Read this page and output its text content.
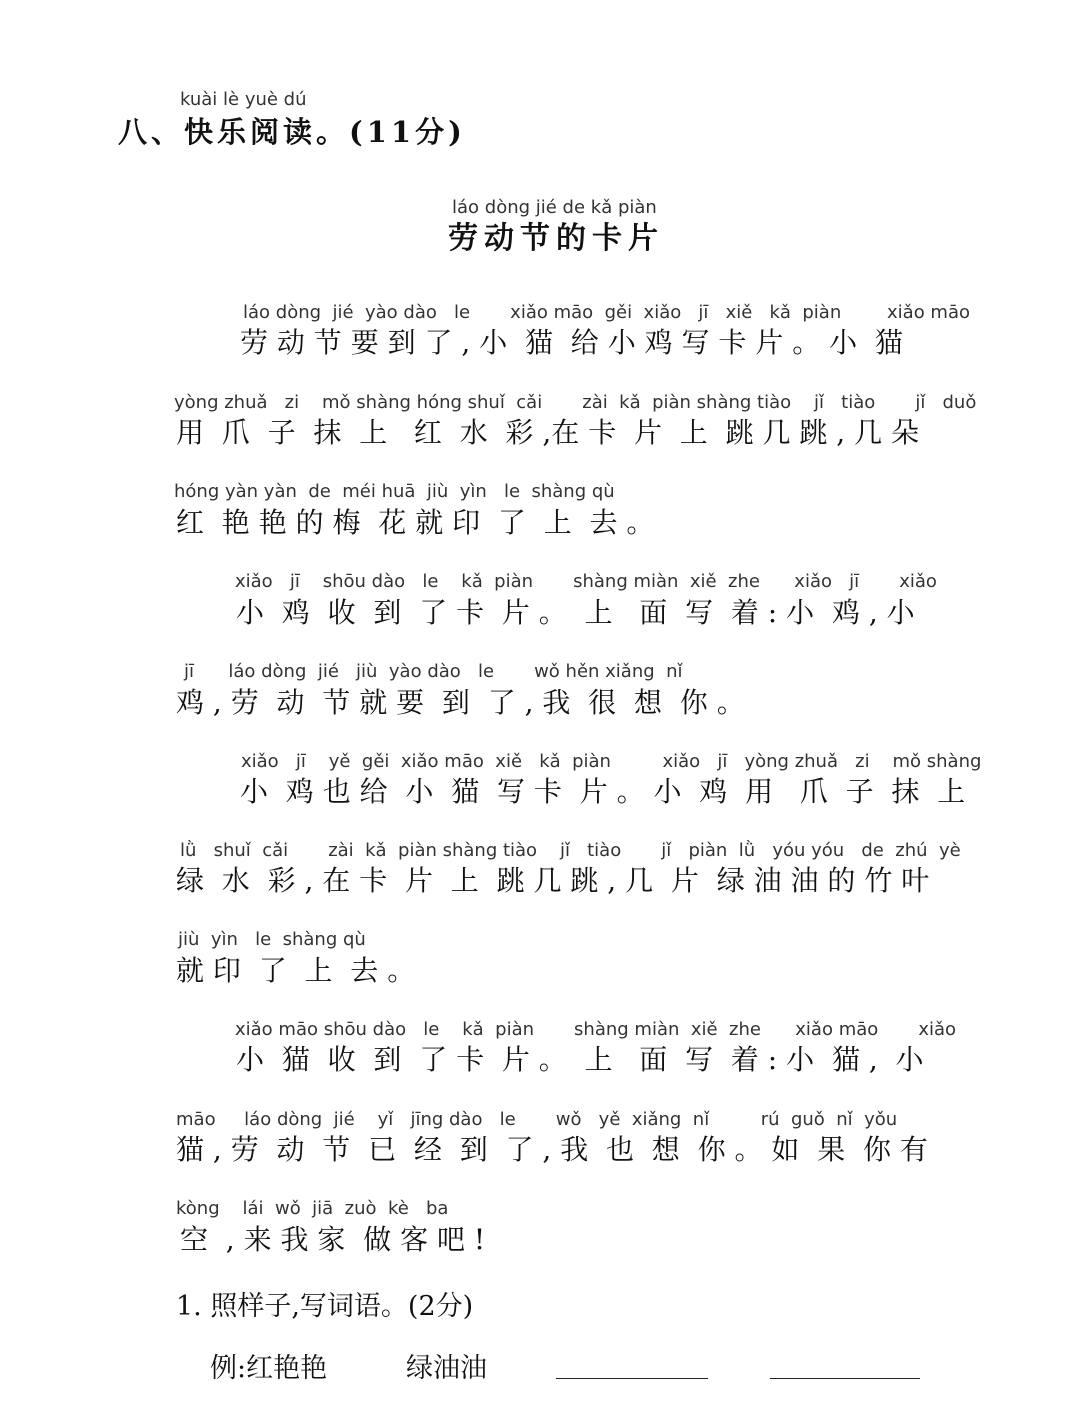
kuài lè yuè dú
八、快乐阅读。(11分)
láo dòng jié de kǎ piàn
劳动节的卡片
láo dòng  jié  yào dào   le       xiǎo māo  gěi  xiǎo   jī   xiě   kǎ  piàn        xiǎo māo
劳 动 节 要 到 了 , 小  猫  给 小 鸡 写 卡 片 。 小  猫
yòng zhuǎ   zi    mǒ shàng hóng shuǐ  cǎi       zài  kǎ  piàn shàng tiào    jǐ   tiào       jǐ   duǒ
用  爪  子  抹  上   红  水  彩 ,在 卡  片  上  跳 几 跳 , 几 朵
hóng yàn yàn  de  méi huā  jiù  yìn   le  shàng qù
红  艳 艳 的 梅  花 就 印  了  上  去 。
xiǎo   jī    shōu dào   le    kǎ  piàn       shàng miàn  xiě  zhe      xiǎo   jī       xiǎo
小  鸡  收  到  了 卡  片 。  上   面  写  着 : 小  鸡 , 小
jī      láo dòng  jié   jiù  yào dào   le       wǒ hěn xiǎng  nǐ
鸡 , 劳  动  节 就 要  到  了 , 我  很  想  你 。
xiǎo   jī    yě  gěi  xiǎo māo  xiě   kǎ  piàn         xiǎo   jī   yòng zhuǎ   zi    mǒ shàng
小  鸡 也 给  小  猫  写 卡  片 。 小  鸡  用   爪  子  抹  上
lǜ   shuǐ  cǎi       zài  kǎ  piàn shàng tiào    jǐ   tiào       jǐ   piàn  lǜ   yóu yóu   de  zhú  yè
绿  水  彩 , 在 卡  片  上  跳 几 跳 , 几  片  绿 油 油 的 竹 叶
jiù  yìn   le  shàng qù
就 印  了  上  去 。
xiǎo māo shōu dào   le    kǎ  piàn       shàng miàn  xiě  zhe      xiǎo māo       xiǎo
小  猫  收  到  了 卡  片 。  上   面  写  着 : 小  猫 ,  小
māo     láo dòng  jié    yǐ   jīng dào   le       wǒ   yě  xiǎng  nǐ         rú  guǒ  nǐ  yǒu
猫 , 劳  动  节  已  经  到  了 , 我  也  想  你 。 如  果  你 有
kòng    lái  wǒ  jiā  zuò  kè   ba
空  , 来 我 家  做 客 吧 !
1. 照样子,写词语。(2分)
例:红艳艳	绿油油
